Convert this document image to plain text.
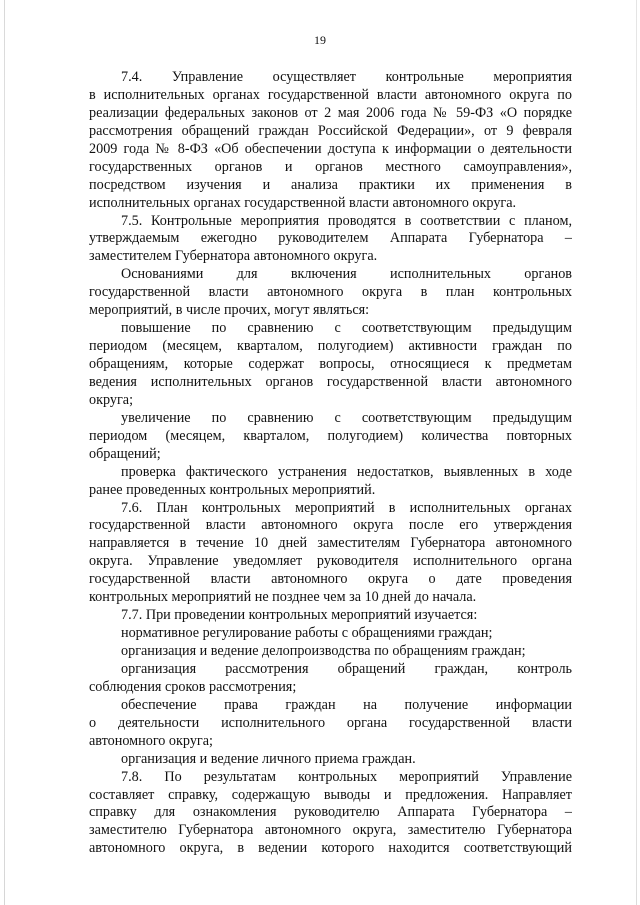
19
7.4. Управление осуществляет контрольные мероприятия
в исполнительных органах государственной власти автономного округа по
реализации федеральных законов от 2 мая 2006 года № 59-ФЗ «О порядке
рассмотрения обращений граждан Российской Федерации», от 9 февраля
2009 года № 8-ФЗ «Об обеспечении доступа к информации о деятельности
государственных органов и органов местного самоуправления»,
посредством изучения и анализа практики их применения в
исполнительных органах государственной власти автономного округа.
7.5. Контрольные мероприятия проводятся в соответствии с планом,
утверждаемым ежегодно руководителем Аппарата Губернатора –
заместителем Губернатора автономного округа.
Основаниями для включения исполнительных органов
государственной власти автономного округа в план контрольных
мероприятий, в числе прочих, могут являться:
повышение по сравнению с соответствующим предыдущим
периодом (месяцем, кварталом, полугодием) активности граждан по
обращениям, которые содержат вопросы, относящиеся к предметам
ведения исполнительных органов государственной власти автономного
округа;
увеличение по сравнению с соответствующим предыдущим
периодом (месяцем, кварталом, полугодием) количества повторных
обращений;
проверка фактического устранения недостатков, выявленных в ходе
ранее проведенных контрольных мероприятий.
7.6. План контрольных мероприятий в исполнительных органах
государственной власти автономного округа после его утверждения
направляется в течение 10 дней заместителям Губернатора автономного
округа. Управление уведомляет руководителя исполнительного органа
государственной власти автономного округа о дате проведения
контрольных мероприятий не позднее чем за 10 дней до начала.
7.7. При проведении контрольных мероприятий изучается:
нормативное регулирование работы с обращениями граждан;
организация и ведение делопроизводства по обращениям граждан;
организация рассмотрения обращений граждан, контроль
соблюдения сроков рассмотрения;
обеспечение права граждан на получение информации
о деятельности исполнительного органа государственной власти
автономного округа;
организация и ведение личного приема граждан.
7.8. По результатам контрольных мероприятий Управление
составляет справку, содержащую выводы и предложения. Направляет
справку для ознакомления руководителю Аппарата Губернатора –
заместителю Губернатора автономного округа, заместителю Губернатора
автономного округа, в ведении которого находится соответствующий
